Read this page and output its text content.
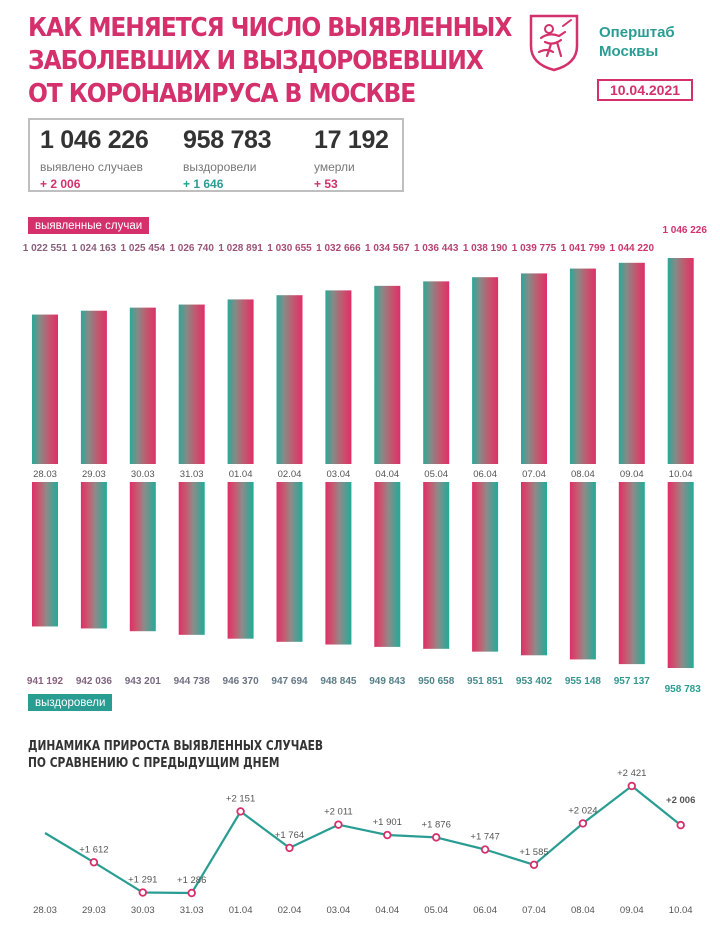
КАК МЕНЯЕТСЯ ЧИСЛО ВЫЯВЛЕННЫХ
ЗАБОЛЕВШИХ И ВЫЗДОРОВЕВШИХ
ОТ КОРОНАВИРУСА В МОСКВЕ
Оперштаб
Москвы
10.04.2021
1 046 226
выявлено случаев
+ 2 006
958 783
выздоровели
+ 1 646
17 192
умерли
+ 53
выявленные случаи
выздоровели
1 022 551
28.03
1 024 163
29.03
1 025 454
30.03
1 026 740
31.03
1 028 891
01.04
1 030 655
02.04
1 032 666
03.04
1 034 567
04.04
1 036 443
05.04
1 038 190
06.04
1 039 775
07.04
1 041 799
08.04
1 044 220
09.04
1 046 226
10.04
941 192 942 036 943 201 944 738 946 370 947 694 948 845 949 843 950 658 951 851 953 402 955 148 957 137
958 783
+1 612
+1 291 +1 286
+2 151
+1 764
+2 011
+1 901 +1 876
+1 747
+1 585
+2 024
+2 421
+2 006
28.03	29.03	30.03	31.03	01.04	02.04	03.04	04.04	05.04	06.04	07.04	08.04	09.04	10.04
ДИНАМИКА ПРИРОСТА ВЫЯВЛЕННЫХ СЛУЧАЕВ
ПО СРАВНЕНИЮ С ПРЕДЫДУЩИМ ДНЕМ
